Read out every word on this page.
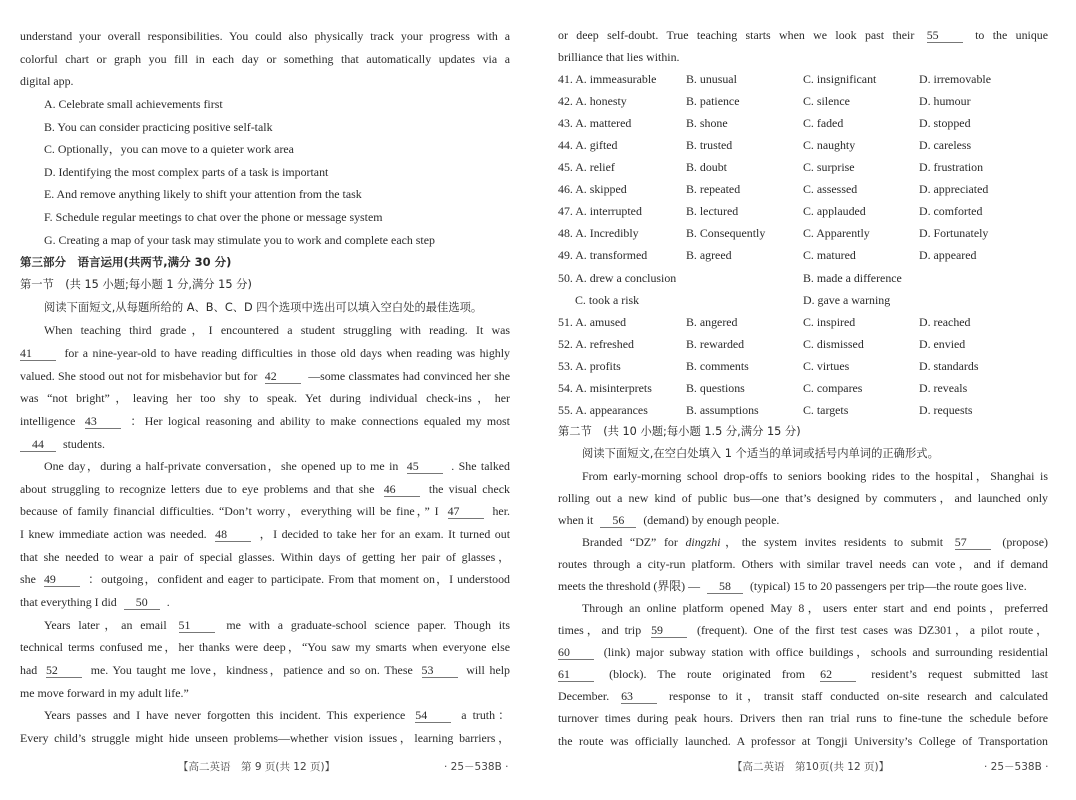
understand your overall responsibilities. You could also physically track your progress with a
colorful chart or graph you fill in each day or something that automatically updates via a
digital app.
A. Celebrate small achievements first
B. You can consider practicing positive self-talk
C. Optionally，you can move to a quieter work area
D. Identifying the most complex parts of a task is important
E. And remove anything likely to shift your attention from the task
F. Schedule regular meetings to chat over the phone or message system
G. Creating a map of your task may stimulate you to work and complete each step
第三部分　语言运用(共两节,满分 30 分)
第一节　(共 15 小题;每小题 1 分,满分 15 分)
阅读下面短文,从每题所给的 A、B、C、D 四个选项中选出可以填入空白处的最佳选项。
When teaching third grade，I encountered a student struggling with reading. It was
41	for a nine-year-old to have reading difficulties in those old days when reading was highly
valued. She stood out not for misbehavior but for 42	—some classmates had convinced her she
was “not bright”，leaving her too shy to speak. Yet during individual check-ins，her
intelligence 43	：Her logical reasoning and ability to make connections equaled my most
44 students.
One day，during a half-private conversation，she opened up to me in 45	. She talked
about struggling to recognize letters due to eye problems and that she 46	the visual check
because of family financial difficulties. “Don’t worry，everything will be fine，” I 47	her.
I knew immediate action was needed. 48	，I decided to take her for an exam. It turned out
that she needed to wear a pair of special glasses. Within days of getting her pair of glasses，
she 49	：outgoing，confident and eager to participate. From that moment on，I understood
that everything I did 50 .
Years later，an email 51	me with a graduate-school science paper. Though its
technical terms confused me，her thanks were deep，“You saw my smarts when everyone else
had 52	me. You taught me love，kindness，patience and so on. These 53	will help
me move forward in my adult life.”
Years passes and I have never forgotten this incident. This experience 54	a truth：
Every child’s struggle might hide unseen problems—whether vision issues，learning barriers，
or deep self-doubt. True teaching starts when we look past their 55	to the unique
brilliance that lies within.
41. A. immeasurable	B. unusual	C. insignificant	D. irremovable
42. A. honesty	B. patience	C. silence	D. humour
43. A. mattered	B. shone	C. faded	D. stopped
44. A. gifted	B. trusted	C. naughty	D. careless
45. A. relief	B. doubt	C. surprise	D. frustration
46. A. skipped	B. repeated	C. assessed	D. appreciated
47. A. interrupted	B. lectured	C. applauded	D. comforted
48. A. Incredibly	B. Consequently	C. Apparently	D. Fortunately
49. A. transformed	B. agreed	C. matured	D. appeared
50. A. drew a conclusion	B. made a difference
C. took a risk	D. gave a warning
51. A. amused	B. angered	C. inspired	D. reached
52. A. refreshed	B. rewarded	C. dismissed	D. envied
53. A. profits	B. comments	C. virtues	D. standards
54. A. misinterprets	B. questions	C. compares	D. reveals
55. A. appearances	B. assumptions	C. targets	D. requests
第二节　(共 10 小题;每小题 1.5 分,满分 15 分)
阅读下面短文,在空白处填入 1 个适当的单词或括号内单词的正确形式。
From early-morning school drop-offs to seniors booking rides to the hospital，Shanghai is
rolling out a new kind of public bus—one that’s designed by commuters，and launched only
when it 56 (demand) by enough people.
Branded “DZ” for dingzhi，the system invites residents to submit 57	(propose)
routes through a city-run platform. Others with similar travel needs can vote，and if demand
meets the threshold (界限) — 58 (typical) 15 to 20 passengers per trip—the route goes live.
Through an online platform opened May 8，users enter start and end points，preferred
times，and trip 59	(frequent). One of the first test cases was DZ301，a pilot route，
60	(link) major subway station with office buildings，schools and surrounding residential
61	(block). The route originated from 62	resident’s request submitted last
December. 63	response to it，transit staff conducted on-site research and calculated
turnover times during peak hours. Drivers then ran trial runs to fine-tune the schedule before
the route was officially launched. A professor at Tongji University’s College of Transportation
【高二英语　第 9 页(共 12 页)】	· 25－538B ·	【高二英语　第10页(共 12 页)】	· 25－538B ·
